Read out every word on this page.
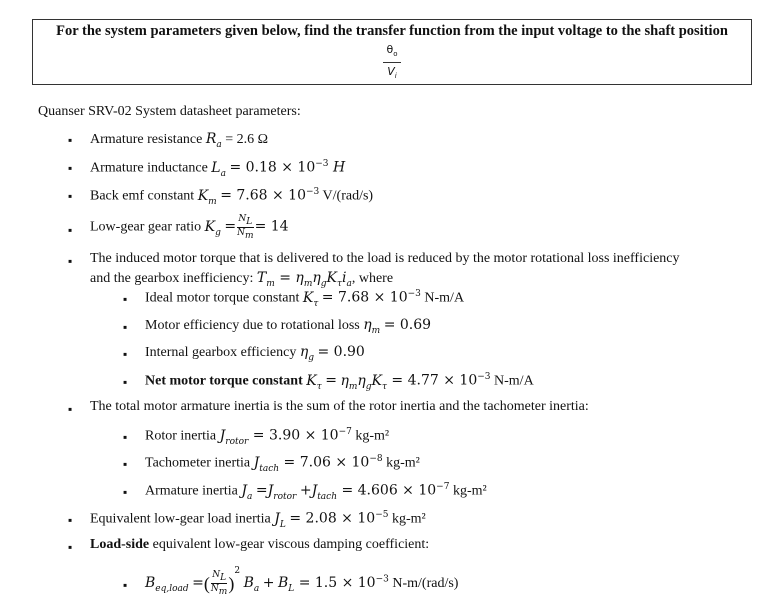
For the system parameters given below, find the transfer function from the input voltage to the shaft position
$\theta_o$
$V_i$
Quanser SRV-02 System datasheet parameters:
▪ Armature resistance $R_a = 2.6$ Ω
▪ Armature inductance $L_a = 0.18 \times 10^{-3}$ H
▪ Back emf constant $K_m = 7.68 \times 10^{-3}$ V/(rad/s)
▪ Low-gear gear ratio $K_g =\frac{N_L}{N_m}= 14$
▪ The induced motor torque that is delivered to the load is reduced by the motor rotational loss inefficiency
and the gearbox inefficiency: $T_m = \eta_m\eta_gK_\tau i_a$, where
▪ Ideal motor torque constant $K_\tau = 7.68 \times 10^{-3}$ N-m/A
▪ Motor efficiency due to rotational loss $\eta_m = 0.69$
▪ Internal gearbox efficiency $\eta_g = 0.90$
▪ Net motor torque constant $K_\tau = \eta_m\eta_gK_\tau = 4.77 \times 10^{-3}$ N-m/A
▪ The total motor armature inertia is the sum of the rotor inertia and the tachometer inertia:
▪ Rotor inertia $J_{rotor} = 3.90 \times 10^{-7}$ kg-m²
▪ Tachometer inertia $J_{tach} = 7.06 \times 10^{-8}$ kg-m²
▪ Armature inertia $J_a =J_{rotor} +J_{tach} = 4.606 \times 10^{-7}$ kg-m²
▪ Equivalent low-gear load inertia $J_L = 2.08 \times 10^{-5}$ kg-m²
▪ Load-side equivalent low-gear viscous damping coefficient:
▪ $B_{eq,load} =(\frac{N_L}{N_m})^2$ $B_a + B_L = 1.5 \times 10^{-3}$ N-m/(rad/s)
